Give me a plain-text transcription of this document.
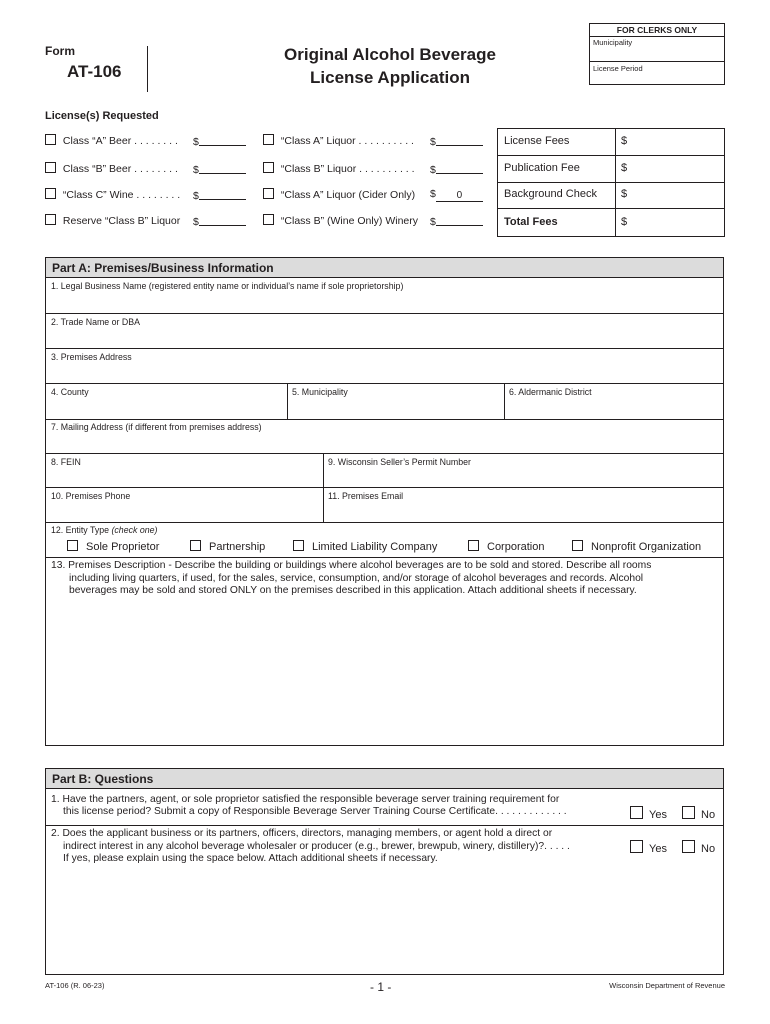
Form
AT-106
Original Alcohol Beverage
License Application
FOR CLERKS ONLY
Municipality
License Period
License(s) Requested
Class “A” Beer . . . . . . . . $
Class “B” Beer . . . . . . . . $
“Class C” Wine . . . . . . . . $
Reserve “Class B” Liquor $
“Class A” Liquor . . . . . . . . . . $
“Class B” Liquor . . . . . . . . . . $
“Class A” Liquor (Cider Only) $ 0
“Class B” (Wine Only) Winery $
License Fees	$
Publication Fee	$
Background Check $
Total Fees	$
Part A: Premises/Business Information
1. Legal Business Name (registered entity name or individual’s name if sole proprietorship)
2. Trade Name or DBA
3. Premises Address
4. County	5. Municipality	6. Aldermanic District
7. Mailing Address (if different from premises address)
8. FEIN	9. Wisconsin Seller’s Permit Number
10. Premises Phone	11. Premises Email
12. Entity Type (check one)
Sole Proprietor	Partnership	Limited Liability Company	Corporation	Nonprofit Organization
13. Premises Description - Describe the building or buildings where alcohol beverages are to be sold and stored. Describe all rooms
including living quarters, if used, for the sales, service, consumption, and/or storage of alcohol beverages and records. Alcohol
beverages may be sold and stored ONLY on the premises described in this application. Attach additional sheets if necessary.
Part B: Questions
1. Have the partners, agent, or sole proprietor satisfied the responsible beverage server training requirement for
this license period? Submit a copy of Responsible Beverage Server Training Course Certificate. . . . . . . . . . . . .	Yes	No
2. Does the applicant business or its partners, officers, directors, managing members, or agent hold a direct or
indirect interest in any alcohol beverage wholesaler or producer (e.g., brewer, brewpub, winery, distillery)?. . . . .
If yes, please explain using the space below. Attach additional sheets if necessary.
Yes	No
AT-106 (R. 06-23)	- 1 -	Wisconsin Department of Revenue
